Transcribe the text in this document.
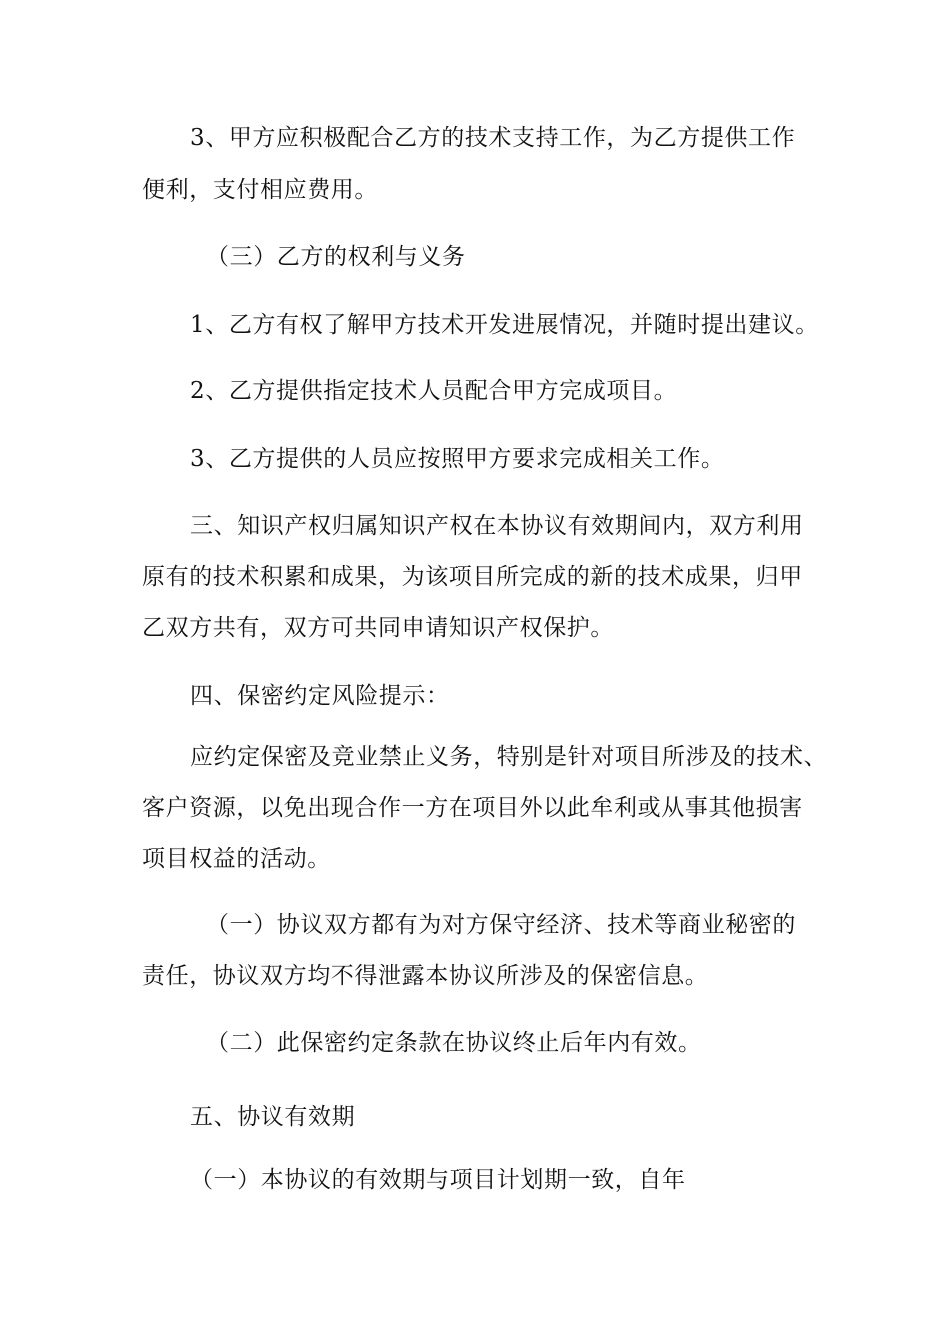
3、甲方应积极配合乙方的技术支持工作，为乙方提供工作
便利，支付相应费用。
（三）乙方的权利与义务
1、乙方有权了解甲方技术开发进展情况，并随时提出建议。
2、乙方提供指定技术人员配合甲方完成项目。
3、乙方提供的人员应按照甲方要求完成相关工作。
三、知识产权归属知识产权在本协议有效期间内，双方利用
原有的技术积累和成果，为该项目所完成的新的技术成果，归甲
乙双方共有，双方可共同申请知识产权保护。
四、保密约定风险提示：
应约定保密及竞业禁止义务，特别是针对项目所涉及的技术、
客户资源，以免出现合作一方在项目外以此牟利或从事其他损害
项目权益的活动。
（一）协议双方都有为对方保守经济、技术等商业秘密的
责任，协议双方均不得泄露本协议所涉及的保密信息。
（二）此保密约定条款在协议终止后年内有效。
五、协议有效期
（一）本协议的有效期与项目计划期一致，自年
